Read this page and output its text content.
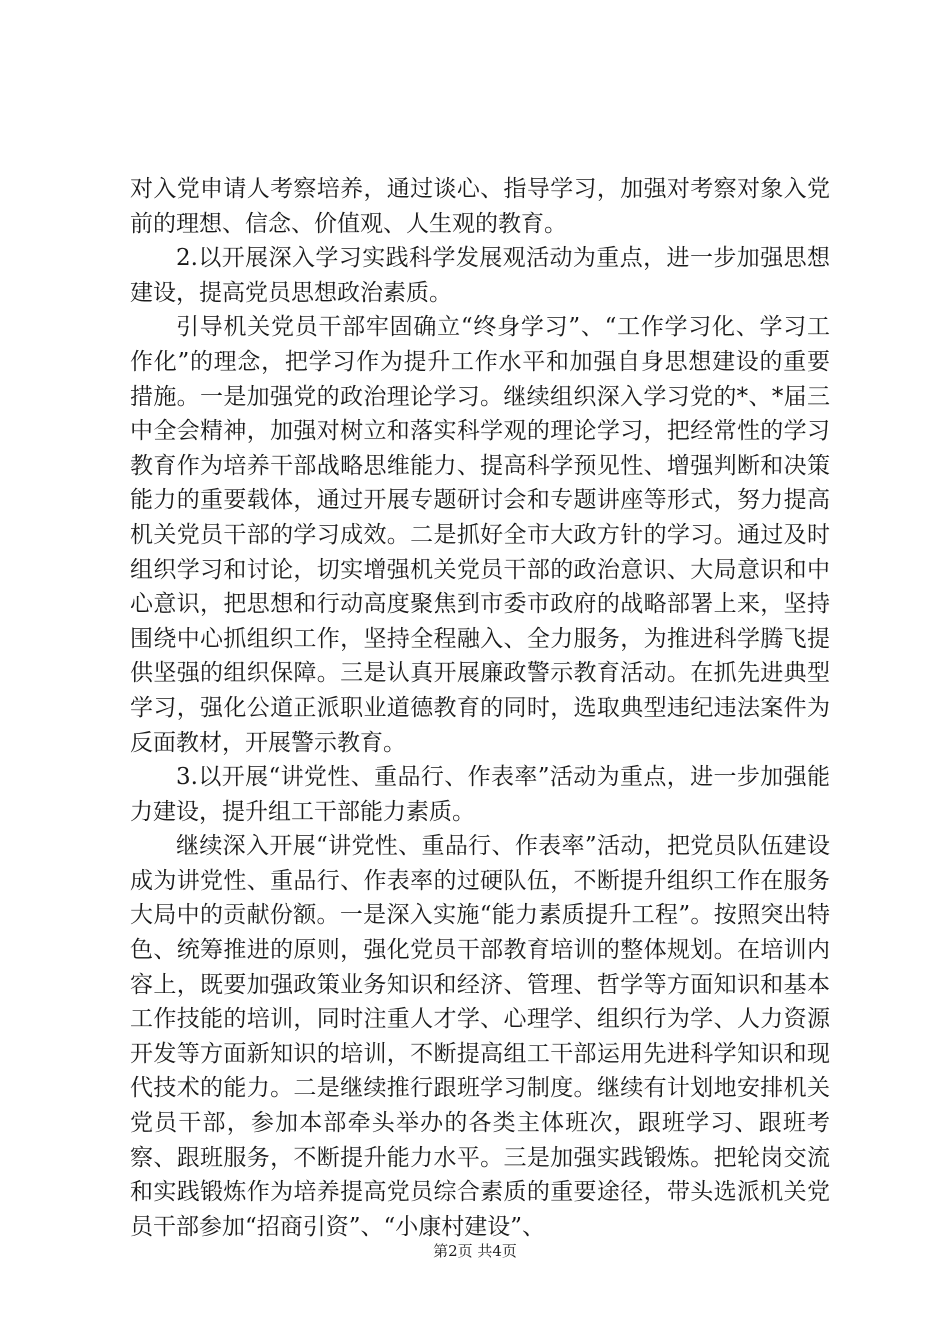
对入党申请人考察培养，通过谈心、指导学习，加强对考察对象入党前的理想、信念、价值观、人生观的教育。

2.以开展深入学习实践科学发展观活动为重点，进一步加强思想建设，提高党员思想政治素质。

引导机关党员干部牢固确立“终身学习”、“工作学习化、学习工作化”的理念，把学习作为提升工作水平和加强自身思想建设的重要措施。一是加强党的政治理论学习。继续组织深入学习党的*、*届三中全会精神，加强对树立和落实科学观的理论学习，把经常性的学习教育作为培养干部战略思维能力、提高科学预见性、增强判断和决策能力的重要载体，通过开展专题研讨会和专题讲座等形式，努力提高机关党员干部的学习成效。二是抓好全市大政方针的学习。通过及时组织学习和讨论，切实增强机关党员干部的政治意识、大局意识和中心意识，把思想和行动高度聚焦到市委市政府的战略部署上来，坚持围绕中心抓组织工作，坚持全程融入、全力服务，为推进科学腾飞提供坚强的组织保障。三是认真开展廉政警示教育活动。在抓先进典型学习，强化公道正派职业道德教育的同时，选取典型违纪违法案件为反面教材，开展警示教育。

3.以开展“讲党性、重品行、作表率”活动为重点，进一步加强能力建设，提升组工干部能力素质。

继续深入开展“讲党性、重品行、作表率”活动，把党员队伍建设成为讲党性、重品行、作表率的过硬队伍，不断提升组织工作在服务大局中的贡献份额。一是深入实施“能力素质提升工程”。按照突出特色、统筹推进的原则，强化党员干部教育培训的整体规划。在培训内容上，既要加强政策业务知识和经济、管理、哲学等方面知识和基本工作技能的培训，同时注重人才学、心理学、组织行为学、人力资源开发等方面新知识的培训，不断提高组工干部运用先进科学知识和现代技术的能力。二是继续推行跟班学习制度。继续有计划地安排机关党员干部，参加本部牵头举办的各类主体班次，跟班学习、跟班考察、跟班服务，不断提升能力水平。三是加强实践锻炼。把轮岗交流和实践锻炼作为培养提高党员综合素质的重要途径，带头选派机关党员干部参加“招商引资”、“小康村建设”、

第2页 共4页
